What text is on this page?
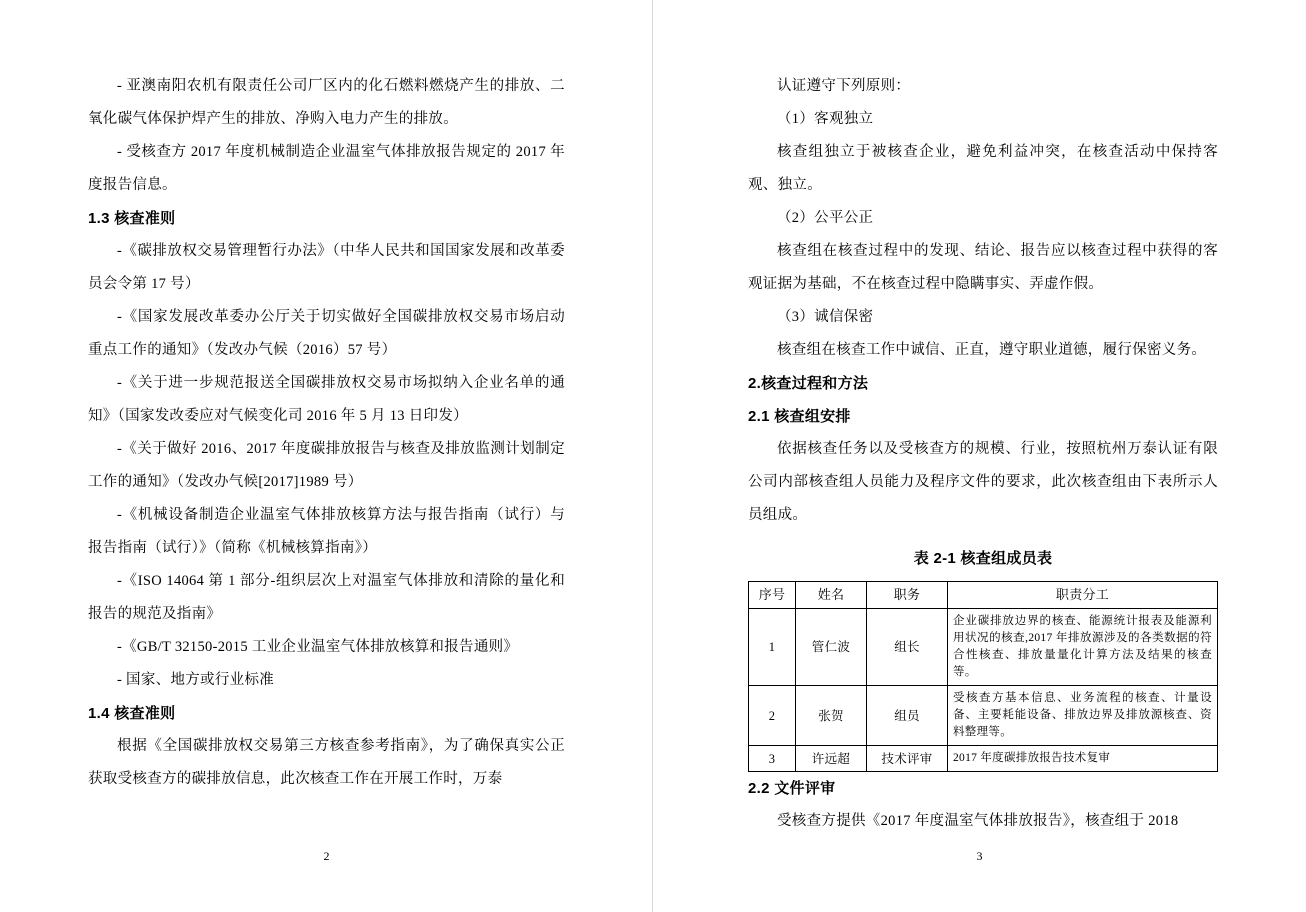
- 亚澳南阳农机有限责任公司厂区内的化石燃料燃烧产生的排放、二氧化碳气体保护焊产生的排放、净购入电力产生的排放。

- 受核查方 2017 年度机械制造企业温室气体排放报告规定的 2017 年度报告信息。

1.3 核查准则

-《碳排放权交易管理暂行办法》（中华人民共和国国家发展和改革委员会令第 17 号）

-《国家发展改革委办公厅关于切实做好全国碳排放权交易市场启动重点工作的通知》（发改办气候（2016）57 号）

-《关于进一步规范报送全国碳排放权交易市场拟纳入企业名单的通知》（国家发改委应对气候变化司 2016 年 5 月 13 日印发）

-《关于做好 2016、2017 年度碳排放报告与核查及排放监测计划制定工作的通知》（发改办气候[2017]1989 号）

-《机械设备制造企业温室气体排放核算方法与报告指南（试行）与报告指南（试行）》（简称《机械核算指南》）

-《ISO 14064 第 1 部分-组织层次上对温室气体排放和清除的量化和报告的规范及指南》

-《GB/T 32150-2015 工业企业温室气体排放核算和报告通则》

- 国家、地方或行业标准

1.4 核查准则

根据《全国碳排放权交易第三方核查参考指南》，为了确保真实公正获取受核查方的碳排放信息，此次核查工作在开展工作时，万泰

2

认证遵守下列原则：

（1）客观独立

核查组独立于被核查企业，避免利益冲突，在核查活动中保持客观、独立。

（2）公平公正

核查组在核查过程中的发现、结论、报告应以核查过程中获得的客观证据为基础，不在核查过程中隐瞒事实、弄虚作假。

（3）诚信保密

核查组在核查工作中诚信、正直，遵守职业道德，履行保密义务。

2.核查过程和方法
2.1 核查组安排

依据核查任务以及受核查方的规模、行业，按照杭州万泰认证有限公司内部核查组人员能力及程序文件的要求，此次核查组由下表所示人员组成。

表 2-1 核查组成员表
序号	姓名	职务	职责分工
1	管仁波	组长	企业碳排放边界的核查、能源统计报表及能源利用状况的核查,2017 年排放源涉及的各类数据的符合性核查、排放量量化计算方法及结果的核查等。
2	张贺	组员	受核查方基本信息、业务流程的核查、计量设备、主要耗能设备、排放边界及排放源核查、资料整理等。
3	许远超	技术评审	2017 年度碳排放报告技术复审
2.2 文件评审

受核查方提供《2017 年度温室气体排放报告》，核查组于 2018

3
